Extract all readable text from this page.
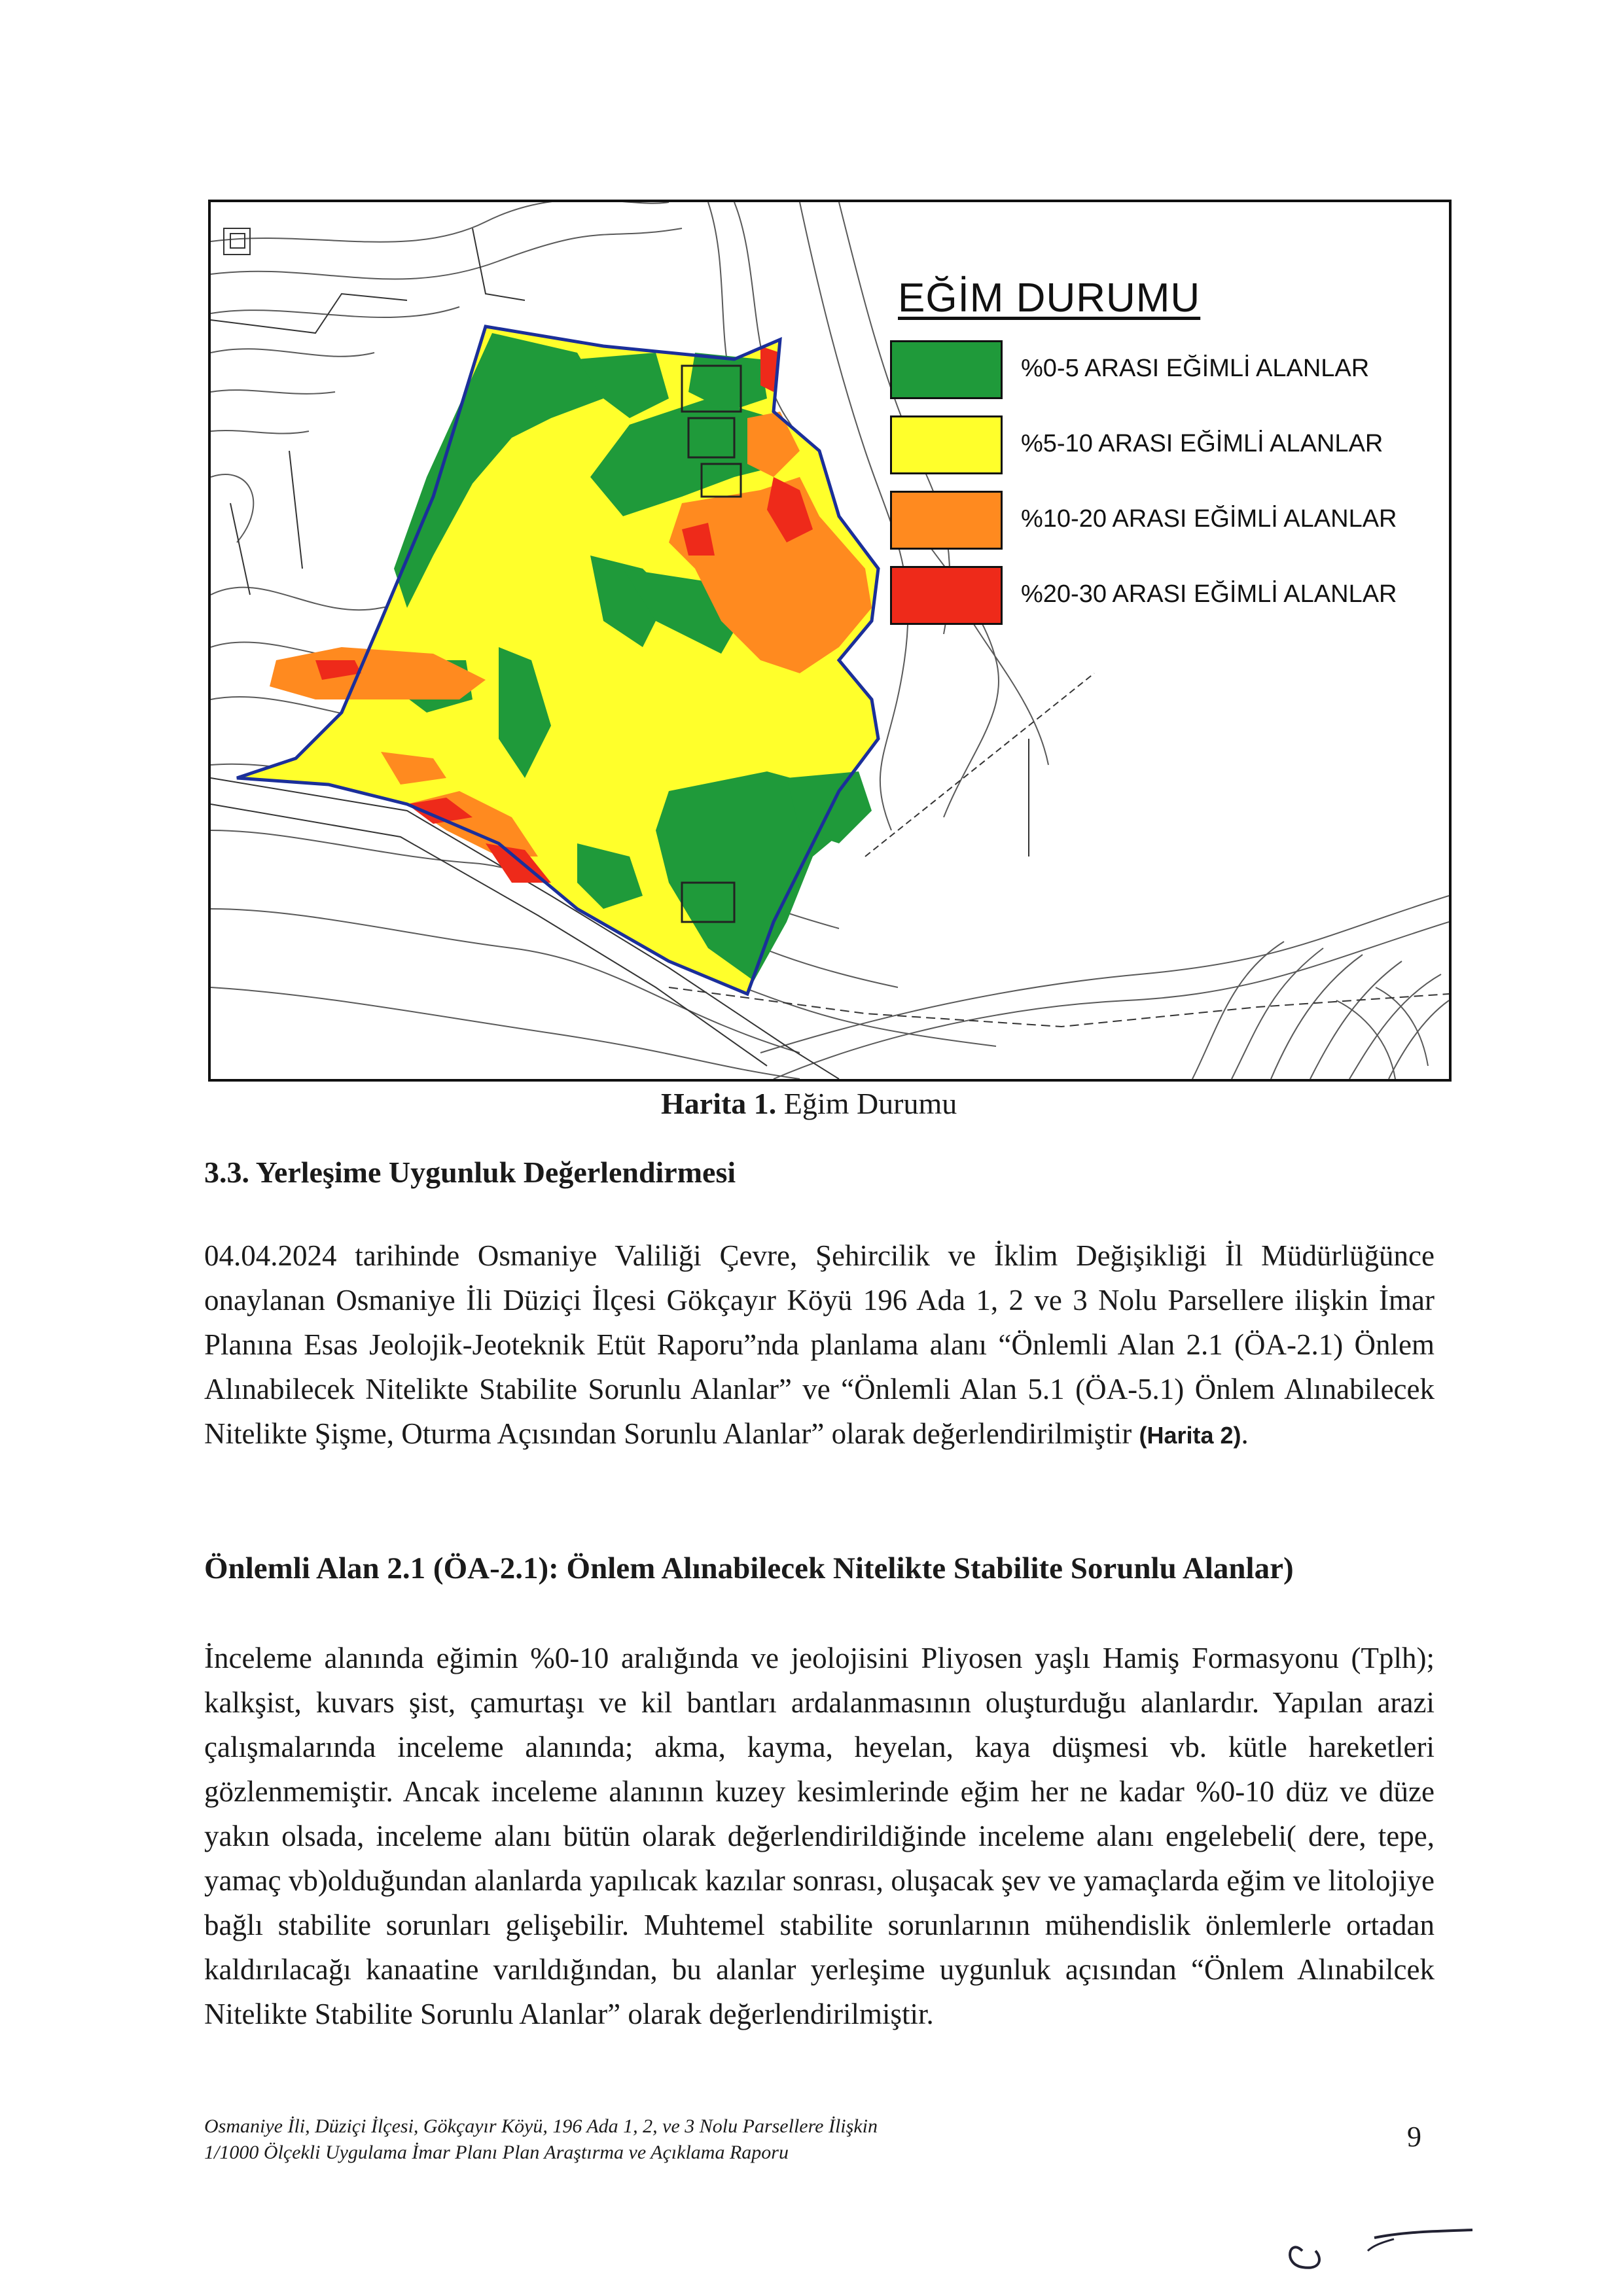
EĞİM DURUMU
%0-5 ARASI EĞİMLİ ALANLAR
%5-10 ARASI EĞİMLİ ALANLAR
%10-20 ARASI EĞİMLİ ALANLAR
%20-30 ARASI EĞİMLİ ALANLAR
Harita 1. Eğim Durumu
3.3. Yerleşime Uygunluk Değerlendirmesi
04.04.2024 tarihinde Osmaniye Valiliği Çevre, Şehircilik ve İklim Değişikliği İl Müdürlüğünce onaylanan Osmaniye İli Düziçi İlçesi Gökçayır Köyü 196 Ada 1, 2 ve 3 Nolu Parsellere ilişkin İmar Planına Esas Jeolojik-Jeoteknik Etüt Raporu”nda planlama alanı “Önlemli Alan 2.1 (ÖA-2.1) Önlem Alınabilecek Nitelikte Stabilite Sorunlu Alanlar” ve “Önlemli Alan 5.1 (ÖA-5.1) Önlem Alınabilecek Nitelikte Şişme, Oturma Açısından Sorunlu Alanlar” olarak değerlendirilmiştir (Harita 2).
Önlemli Alan 2.1 (ÖA-2.1): Önlem Alınabilecek Nitelikte Stabilite Sorunlu Alanlar)
İnceleme alanında eğimin %0-10 aralığında ve jeolojisini Pliyosen yaşlı Hamiş Formasyonu (Tplh); kalkşist, kuvars şist, çamurtaşı ve kil bantları ardalanmasının oluşturduğu alanlardır. Yapılan arazi çalışmalarında inceleme alanında; akma, kayma, heyelan, kaya düşmesi vb. kütle hareketleri gözlenmemiştir. Ancak inceleme alanının kuzey kesimlerinde eğim her ne kadar %0-10 düz ve düze yakın olsada, inceleme alanı bütün olarak değerlendirildiğinde inceleme alanı engelebeli( dere, tepe, yamaç vb)olduğundan alanlarda yapılıcak kazılar sonrası, oluşacak şev ve yamaçlarda eğim ve litolojiye bağlı stabilite sorunları gelişebilir. Muhtemel stabilite sorunlarının mühendislik önlemlerle ortadan kaldırılacağı kanaatine varıldığından, bu alanlar yerleşime uygunluk açısından “Önlem Alınabilcek Nitelikte Stabilite Sorunlu Alanlar” olarak değerlendirilmiştir.
Osmaniye İli, Düziçi İlçesi, Gökçayır Köyü, 196 Ada 1, 2, ve 3 Nolu Parsellere İlişkin
1/1000 Ölçekli Uygulama İmar Planı Plan Araştırma ve Açıklama Raporu	9
